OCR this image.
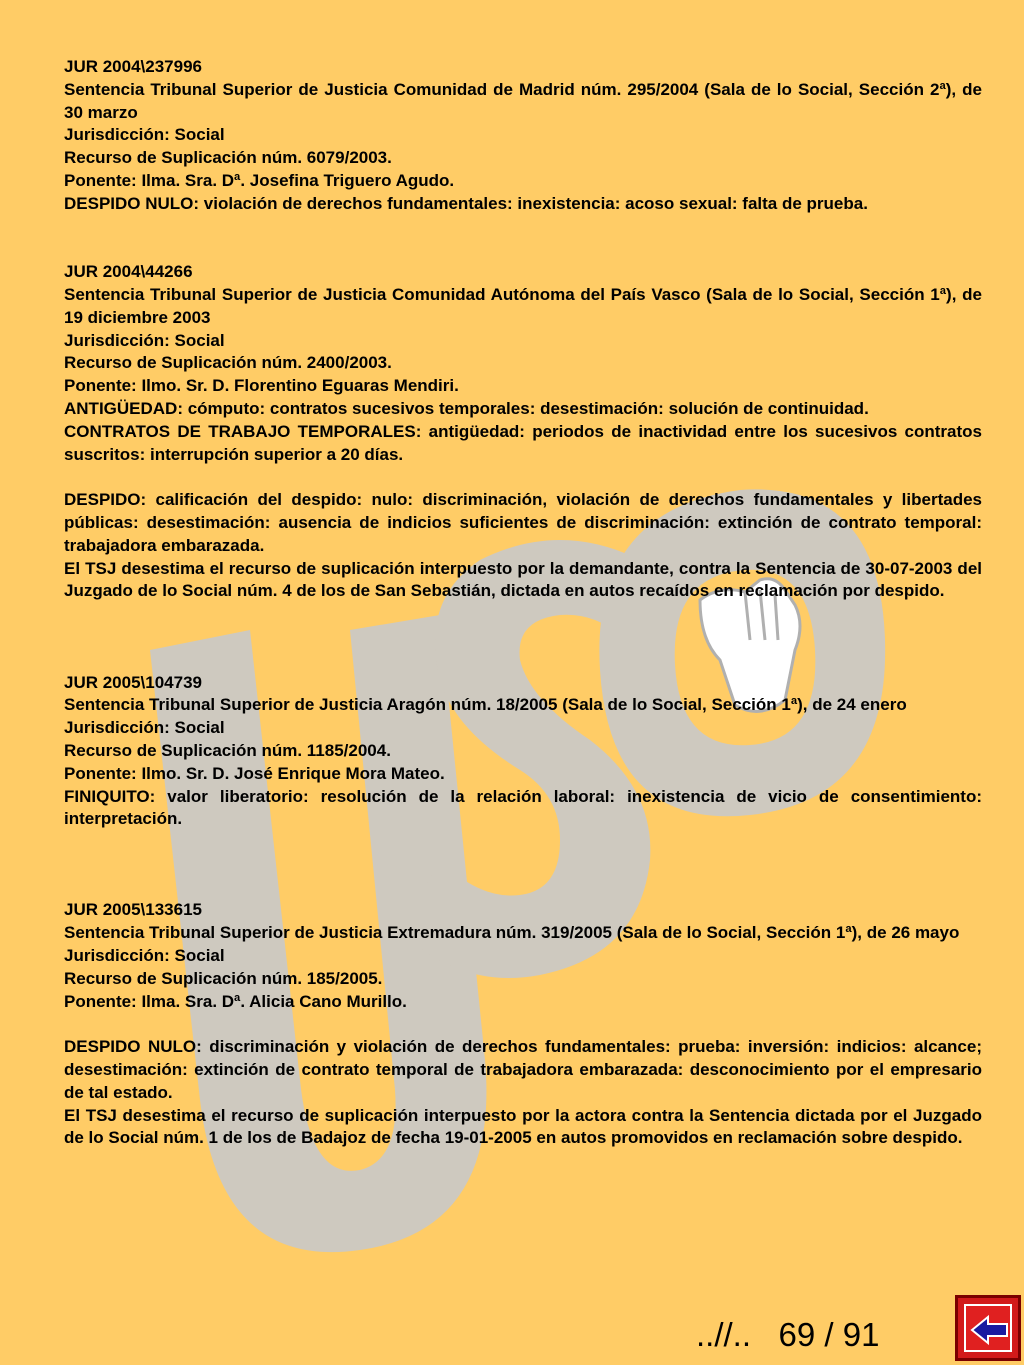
JUR 2004\237996

Sentencia Tribunal Superior de Justicia Comunidad de Madrid núm. 295/2004 (Sala de lo Social, Sección 2ª), de 30 marzo

Jurisdicción: Social

Recurso de Suplicación núm. 6079/2003.

Ponente: Ilma. Sra. Dª. Josefina Triguero Agudo.

DESPIDO NULO: violación de derechos fundamentales: inexistencia: acoso sexual: falta de prueba.

JUR 2004\44266

Sentencia Tribunal Superior de Justicia Comunidad Autónoma del País Vasco (Sala de lo Social, Sección 1ª), de 19 diciembre 2003

Jurisdicción: Social

Recurso de Suplicación núm. 2400/2003.

Ponente: Ilmo. Sr. D. Florentino Eguaras Mendiri.

ANTIGÜEDAD: cómputo: contratos sucesivos temporales: desestimación: solución de continuidad.

CONTRATOS DE TRABAJO TEMPORALES: antigüedad: periodos de inactividad entre los sucesivos contratos suscritos: interrupción superior a 20 días.

DESPIDO: calificación del despido: nulo: discriminación, violación de derechos fundamentales y libertades públicas: desestimación: ausencia de indicios suficientes de discriminación: extinción de contrato temporal: trabajadora embarazada.

El TSJ desestima el recurso de suplicación interpuesto por la demandante, contra la Sentencia de 30-07-2003 del Juzgado de lo Social núm. 4 de los de San Sebastián, dictada en autos recaídos en reclamación por despido.

JUR 2005\104739

Sentencia Tribunal Superior de Justicia Aragón núm. 18/2005 (Sala de lo Social, Sección 1ª), de 24 enero

Jurisdicción: Social

Recurso de Suplicación núm. 1185/2004.

Ponente: Ilmo. Sr. D. José Enrique Mora Mateo.

FINIQUITO: valor liberatorio: resolución de la relación laboral: inexistencia de vicio de consentimiento: interpretación.

JUR 2005\133615

Sentencia Tribunal Superior de Justicia Extremadura núm. 319/2005 (Sala de lo Social, Sección 1ª), de 26 mayo

Jurisdicción: Social

Recurso de Suplicación núm. 185/2005.

Ponente: Ilma. Sra. Dª. Alicia Cano Murillo.

DESPIDO NULO: discriminación y violación de derechos fundamentales: prueba: inversión: indicios: alcance; desestimación: extinción de contrato temporal de trabajadora embarazada: desconocimiento por el empresario de tal estado.

El TSJ desestima el recurso de suplicación interpuesto por la actora contra la Sentencia dictada por el Juzgado de lo Social núm. 1 de los de Badajoz de fecha 19-01-2005 en autos promovidos en reclamación sobre despido.

..//.. 69 / 91
